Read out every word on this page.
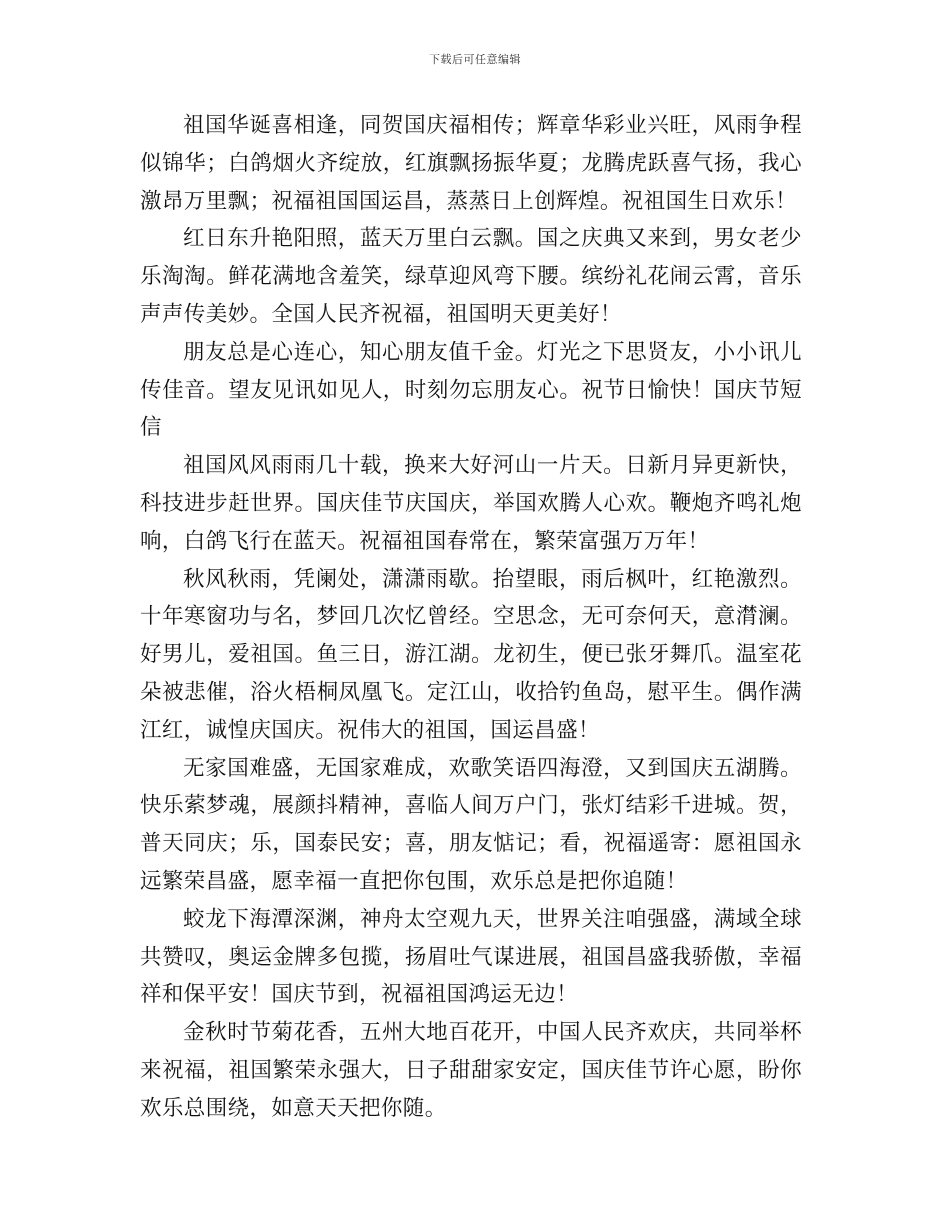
下载后可任意编辑

祖国华诞喜相逢，同贺国庆福相传；辉章华彩业兴旺，风雨争程似锦华；白鸽烟火齐绽放，红旗飘扬振华夏；龙腾虎跃喜气扬，我心激昂万里飘；祝福祖国国运昌，蒸蒸日上创辉煌。祝祖国生日欢乐！

红日东升艳阳照，蓝天万里白云飘。国之庆典又来到，男女老少乐淘淘。鲜花满地含羞笑，绿草迎风弯下腰。缤纷礼花闹云霄，音乐声声传美妙。全国人民齐祝福，祖国明天更美好！

朋友总是心连心，知心朋友值千金。灯光之下思贤友，小小讯儿传佳音。望友见讯如见人，时刻勿忘朋友心。祝节日愉快！国庆节短信

祖国风风雨雨几十载，换来大好河山一片天。日新月异更新快，科技进步赶世界。国庆佳节庆国庆，举国欢腾人心欢。鞭炮齐鸣礼炮响，白鸽飞行在蓝天。祝福祖国春常在，繁荣富强万万年！

秋风秋雨，凭阑处，潇潇雨歇。抬望眼，雨后枫叶，红艳激烈。十年寒窗功与名，梦回几次忆曾经。空思念，无可奈何天，意潸澜。好男儿，爱祖国。鱼三日，游江湖。龙初生，便已张牙舞爪。温室花朵被悲催，浴火梧桐凤凰飞。定江山，收拾钓鱼岛，慰平生。偶作满江红，诚惶庆国庆。祝伟大的祖国，国运昌盛！

无家国难盛，无国家难成，欢歌笑语四海澄，又到国庆五湖腾。快乐萦梦魂，展颜抖精神，喜临人间万户门，张灯结彩千进城。贺，普天同庆；乐，国泰民安；喜，朋友惦记；看，祝福遥寄：愿祖国永远繁荣昌盛，愿幸福一直把你包围，欢乐总是把你追随！

蛟龙下海潭深渊，神舟太空观九天，世界关注咱强盛，满域全球共赞叹，奥运金牌多包揽，扬眉吐气谋进展，祖国昌盛我骄傲，幸福祥和保平安！国庆节到，祝福祖国鸿运无边！

金秋时节菊花香，五州大地百花开，中国人民齐欢庆，共同举杯来祝福，祖国繁荣永强大，日子甜甜家安定，国庆佳节许心愿，盼你欢乐总围绕，如意天天把你随。
